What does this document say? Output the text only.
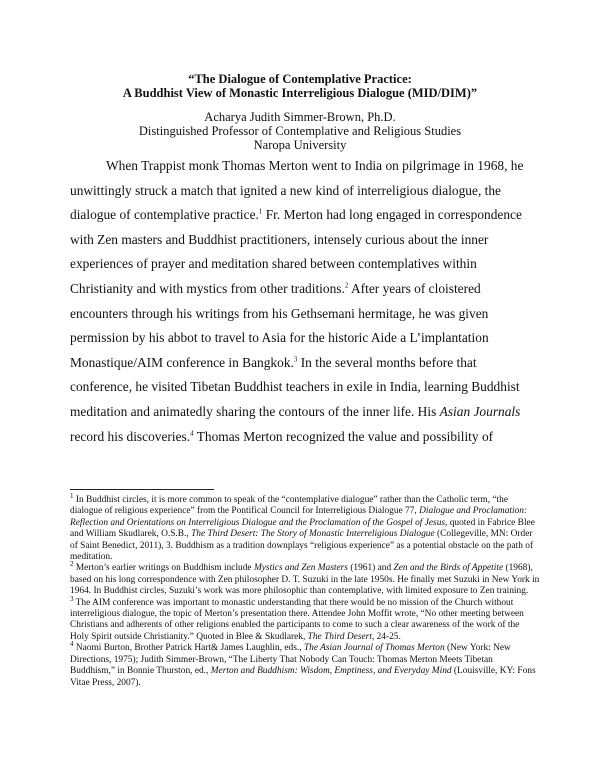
“The Dialogue of Contemplative Practice:
A Buddhist View of Monastic Interreligious Dialogue (MID/DIM)”
Acharya Judith Simmer-Brown, Ph.D.
Distinguished Professor of Contemplative and Religious Studies
Naropa University

When Trappist monk Thomas Merton went to India on pilgrimage in 1968, he unwittingly struck a match that ignited a new kind of interreligious dialogue, the dialogue of contemplative practice.$^1$ Fr. Merton had long engaged in correspondence with Zen masters and Buddhist practitioners, intensely curious about the inner experiences of prayer and meditation shared between contemplatives within Christianity and with mystics from other traditions.$^2$ After years of cloistered encounters through his writings from his Gethsemani hermitage, he was given permission by his abbot to travel to Asia for the historic Aide a L’implantation Monastique/AIM conference in Bangkok.$^3$ In the several months before that conference, he visited Tibetan Buddhist teachers in exile in India, learning Buddhist meditation and animatedly sharing the contours of the inner life. His Asian Journals record his discoveries.$^4$ Thomas Merton recognized the value and possibility of

$^1$ In Buddhist circles, it is more common to speak of the “contemplative dialogue” rather than the Catholic term, “the dialogue of religious experience” from the Pontifical Council for Interreligious Dialogue 77, Dialogue and Proclamation: Reflection and Orientations on Interreligious Dialogue and the Proclamation of the Gospel of Jesus, quoted in Fabrice Blee and William Skudlarek, O.S.B., The Third Desert: The Story of Monastic Interreligious Dialogue (Collegeville, MN: Order of Saint Benedict, 2011), 3. Buddhism as a tradition downplays “religious experience” as a potential obstacle on the path of meditation.

$^2$ Merton’s earlier writings on Buddhism include Mystics and Zen Masters (1961) and Zen and the Birds of Appetite (1968), based on his long correspondence with Zen philosopher D. T. Suzuki in the late 1950s. He finally met Suzuki in New York in 1964. In Buddhist circles, Suzuki’s work was more philosophic than contemplative, with limited exposure to Zen training.

$^3$ The AIM conference was important to monastic understanding that there would be no mission of the Church without interreligious dialogue, the topic of Merton’s presentation there. Attendee John Moffit wrote, “No other meeting between Christians and adherents of other religions enabled the participants to come to such a clear awareness of the work of the Holy Spirit outside Christianity.” Quoted in Blee & Skudlarek, The Third Desert, 24-25.

$^4$ Naomi Burton, Brother Patrick Hart& James Laughlin, eds., The Asian Journal of Thomas Merton (New York: New Directions, 1975); Judith Simmer-Brown, “The Liberty That Nobody Can Touch: Thomas Merton Meets Tibetan Buddhism,” in Bonnie Thurston, ed., Merton and Buddhism: Wisdom, Emptiness, and Everyday Mind (Louisville, KY: Fons Vitae Press, 2007).
